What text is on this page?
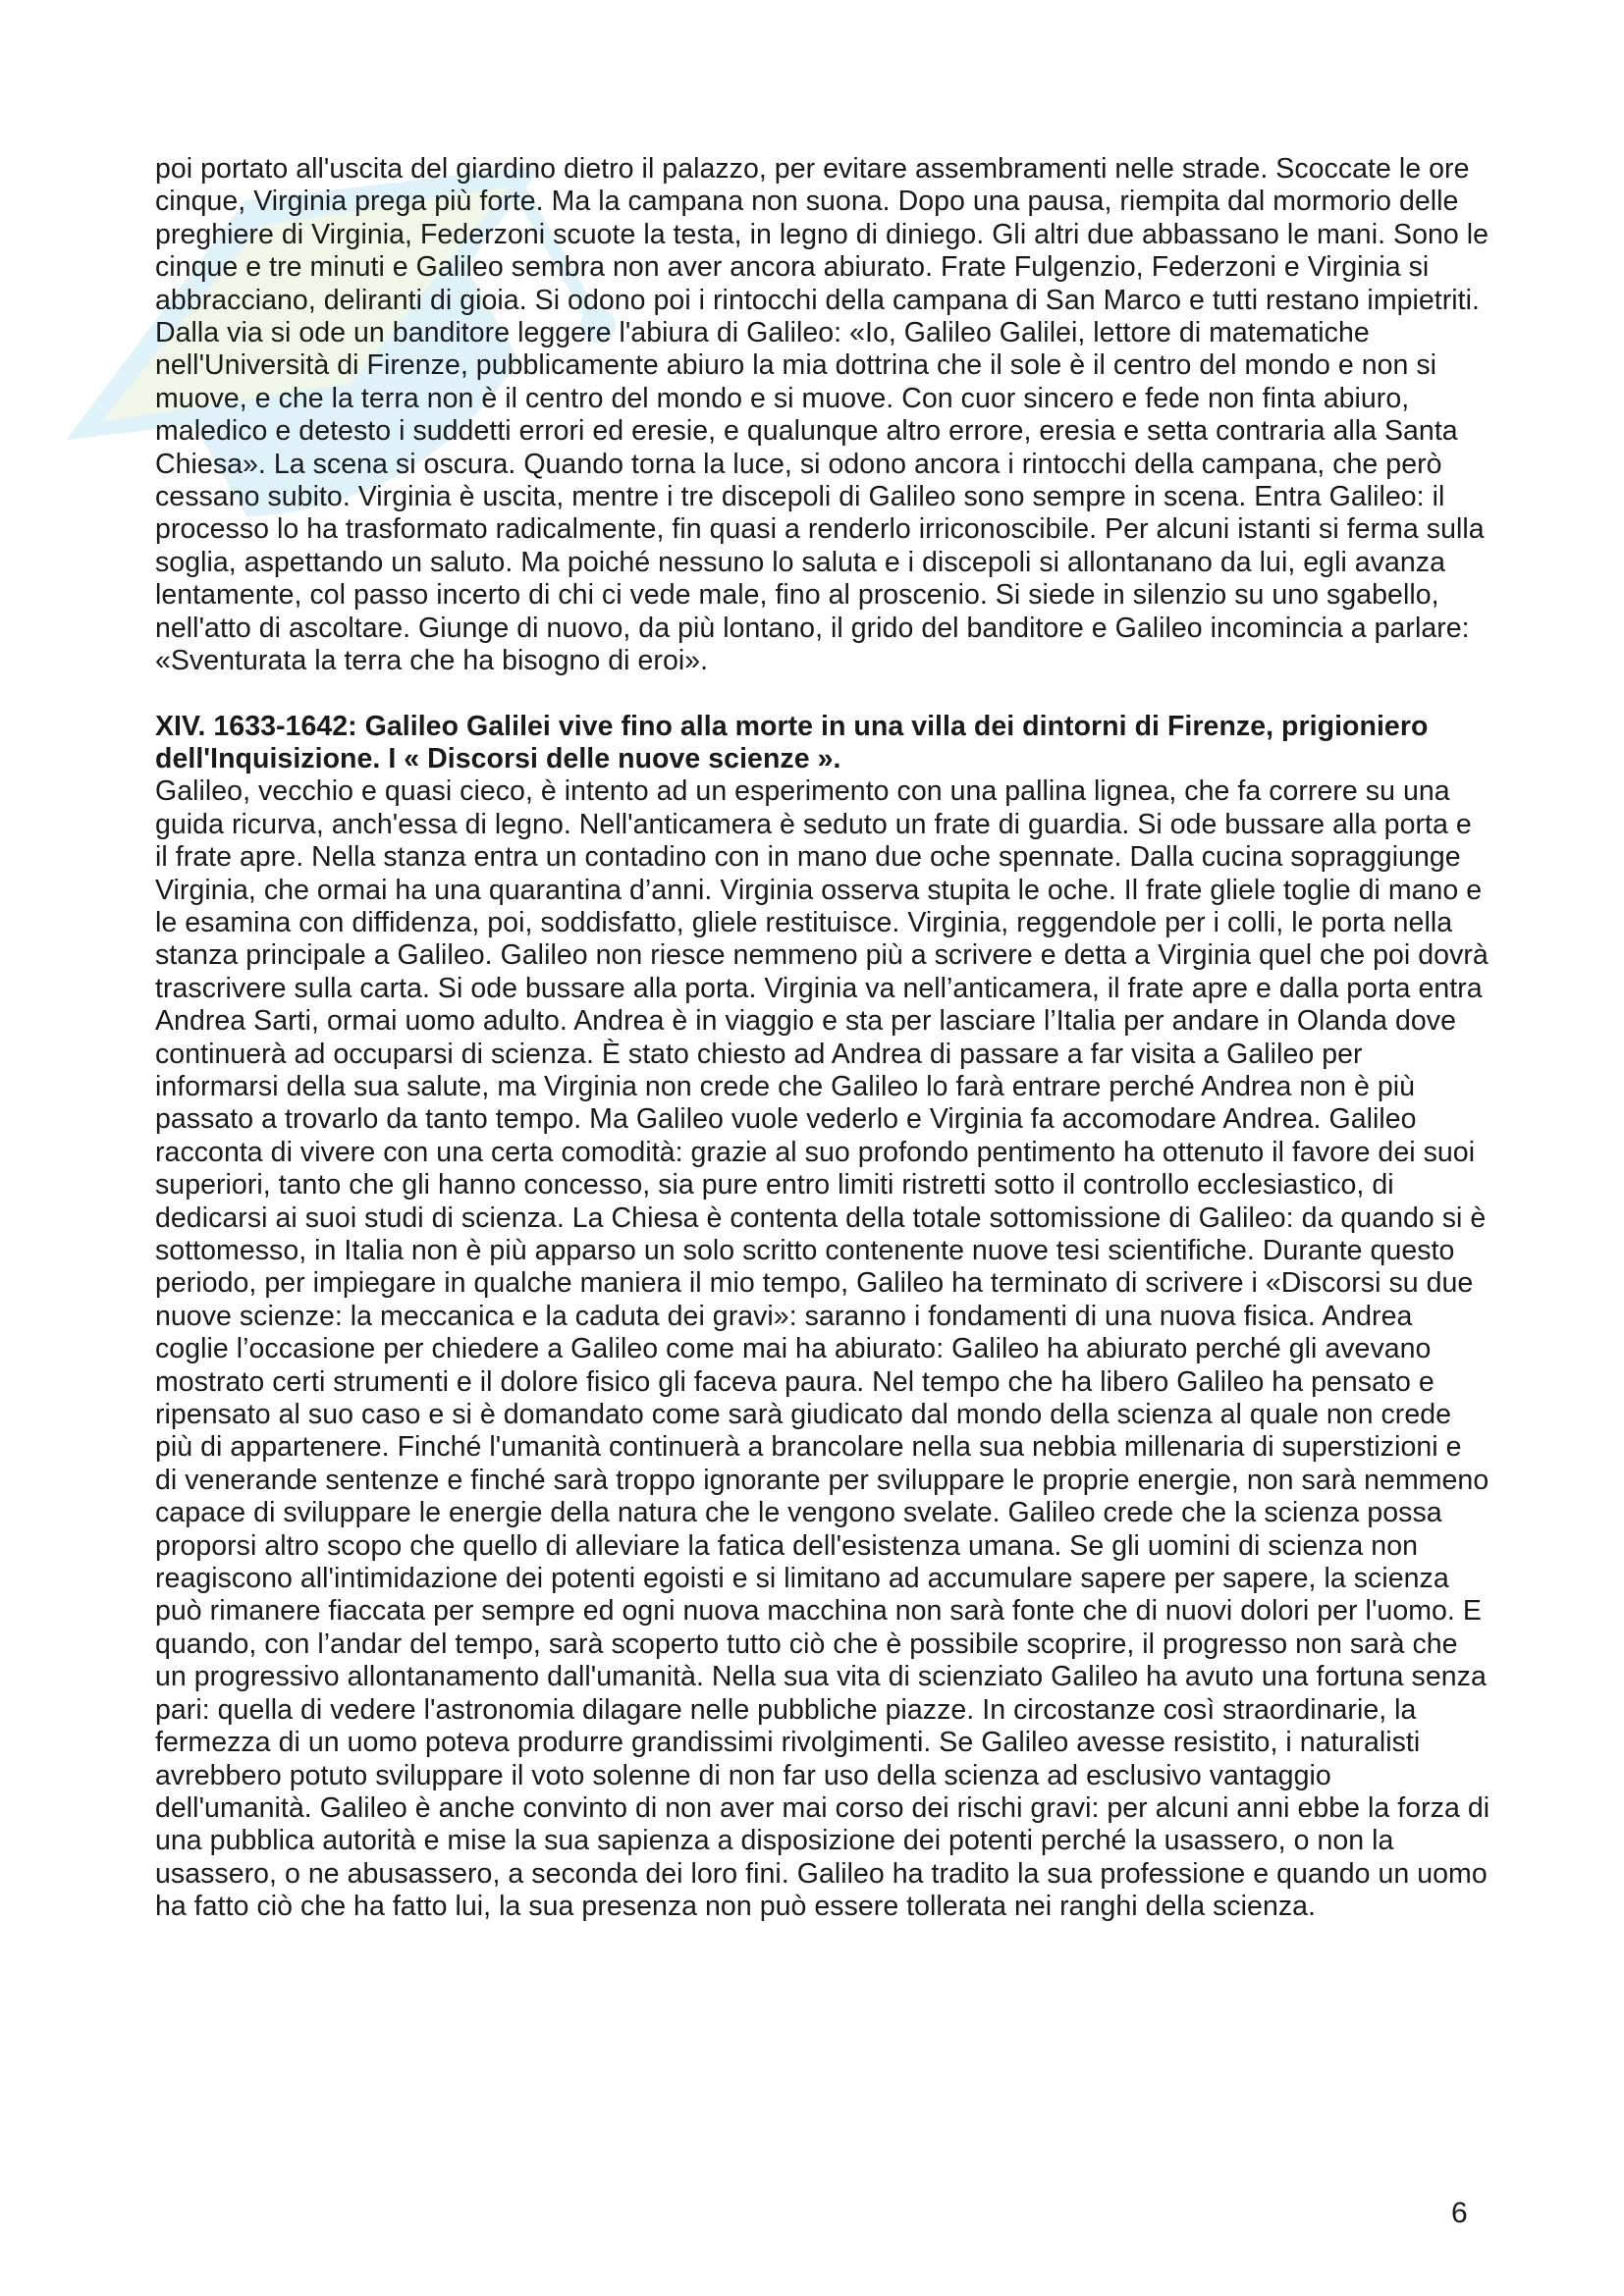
poi portato all'uscita del giardino dietro il palazzo, per evitare assembramenti nelle strade. Scoccate le ore cinque, Virginia prega più forte. Ma la campana non suona. Dopo una pausa, riempita dal mormorio delle preghiere di Virginia, Federzoni scuote la testa, in legno di diniego. Gli altri due abbassano le mani. Sono le cinque e tre minuti e Galileo sembra non aver ancora abiurato. Frate Fulgenzio, Federzoni e Virginia si abbracciano, deliranti di gioia. Si odono poi i rintocchi della campana di San Marco e tutti restano impietriti. Dalla via si ode un banditore leggere l'abiura di Galileo: «Io, Galileo Galilei, lettore di matematiche nell'Università di Firenze, pubblicamente abiuro la mia dottrina che il sole è il centro del mondo e non si muove, e che la terra non è il centro del mondo e si muove. Con cuor sincero e fede non finta abiuro, maledico e detesto i suddetti errori ed eresie, e qualunque altro errore, eresia e setta contraria alla Santa Chiesa». La scena si oscura. Quando torna la luce, si odono ancora i rintocchi della campana, che però cessano subito. Virginia è uscita, mentre i tre discepoli di Galileo sono sempre in scena. Entra Galileo: il processo lo ha trasformato radicalmente, fin quasi a renderlo irriconoscibile. Per alcuni istanti si ferma sulla soglia, aspettando un saluto. Ma poiché nessuno lo saluta e i discepoli si allontanano da lui, egli avanza lentamente, col passo incerto di chi ci vede male, fino al proscenio. Si siede in silenzio su uno sgabello, nell'atto di ascoltare. Giunge di nuovo, da più lontano, il grido del banditore e Galileo incomincia a parlare: «Sventurata la terra che ha bisogno di eroi».

XIV. 1633-1642: Galileo Galilei vive fino alla morte in una villa dei dintorni di Firenze, prigioniero dell'Inquisizione. I « Discorsi delle nuove scienze ».

Galileo, vecchio e quasi cieco, è intento ad un esperimento con una pallina lignea, che fa correre su una guida ricurva, anch'essa di legno. Nell'anticamera è seduto un frate di guardia. Si ode bussare alla porta e il frate apre. Nella stanza entra un contadino con in mano due oche spennate. Dalla cucina sopraggiunge Virginia, che ormai ha una quarantina d’anni. Virginia osserva stupita le oche. Il frate gliele toglie di mano e le esamina con diffidenza, poi, soddisfatto, gliele restituisce. Virginia, reggendole per i colli, le porta nella stanza principale a Galileo. Galileo non riesce nemmeno più a scrivere e detta a Virginia quel che poi dovrà trascrivere sulla carta. Si ode bussare alla porta. Virginia va nell’anticamera, il frate apre e dalla porta entra Andrea Sarti, ormai uomo adulto. Andrea è in viaggio e sta per lasciare l’Italia per andare in Olanda dove continuerà ad occuparsi di scienza. È stato chiesto ad Andrea di passare a far visita a Galileo per informarsi della sua salute, ma Virginia non crede che Galileo lo farà entrare perché Andrea non è più passato a trovarlo da tanto tempo. Ma Galileo vuole vederlo e Virginia fa accomodare Andrea. Galileo racconta di vivere con una certa comodità: grazie al suo profondo pentimento ha ottenuto il favore dei suoi superiori, tanto che gli hanno concesso, sia pure entro limiti ristretti sotto il controllo ecclesiastico, di dedicarsi ai suoi studi di scienza. La Chiesa è contenta della totale sottomissione di Galileo: da quando si è sottomesso, in Italia non è più apparso un solo scritto contenente nuove tesi scientifiche. Durante questo periodo, per impiegare in qualche maniera il mio tempo, Galileo ha terminato di scrivere i «Discorsi su due nuove scienze: la meccanica e la caduta dei gravi»: saranno i fondamenti di una nuova fisica. Andrea coglie l’occasione per chiedere a Galileo come mai ha abiurato: Galileo ha abiurato perché gli avevano mostrato certi strumenti e il dolore fisico gli faceva paura. Nel tempo che ha libero Galileo ha pensato e ripensato al suo caso e si è domandato come sarà giudicato dal mondo della scienza al quale non crede più di appartenere. Finché l'umanità continuerà a brancolare nella sua nebbia millenaria di superstizioni e di venerande sentenze e finché sarà troppo ignorante per sviluppare le proprie energie, non sarà nemmeno capace di sviluppare le energie della natura che le vengono svelate. Galileo crede che la scienza possa proporsi altro scopo che quello di alleviare la fatica dell'esistenza umana. Se gli uomini di scienza non reagiscono all'intimidazione dei potenti egoisti e si limitano ad accumulare sapere per sapere, la scienza può rimanere fiaccata per sempre ed ogni nuova macchina non sarà fonte che di nuovi dolori per l'uomo. E quando, con l’andar del tempo, sarà scoperto tutto ciò che è possibile scoprire, il progresso non sarà che un progressivo allontanamento dall'umanità. Nella sua vita di scienziato Galileo ha avuto una fortuna senza pari: quella di vedere l'astronomia dilagare nelle pubbliche piazze. In circostanze così straordinarie, la fermezza di un uomo poteva produrre grandissimi rivolgimenti. Se Galileo avesse resistito, i naturalisti avrebbero potuto sviluppare il voto solenne di non far uso della scienza ad esclusivo vantaggio dell'umanità. Galileo è anche convinto di non aver mai corso dei rischi gravi: per alcuni anni ebbe la forza di una pubblica autorità e mise la sua sapienza a disposizione dei potenti perché la usassero, o non la usassero, o ne abusassero, a seconda dei loro fini. Galileo ha tradito la sua professione e quando un uomo ha fatto ciò che ha fatto lui, la sua presenza non può essere tollerata nei ranghi della scienza.

6
